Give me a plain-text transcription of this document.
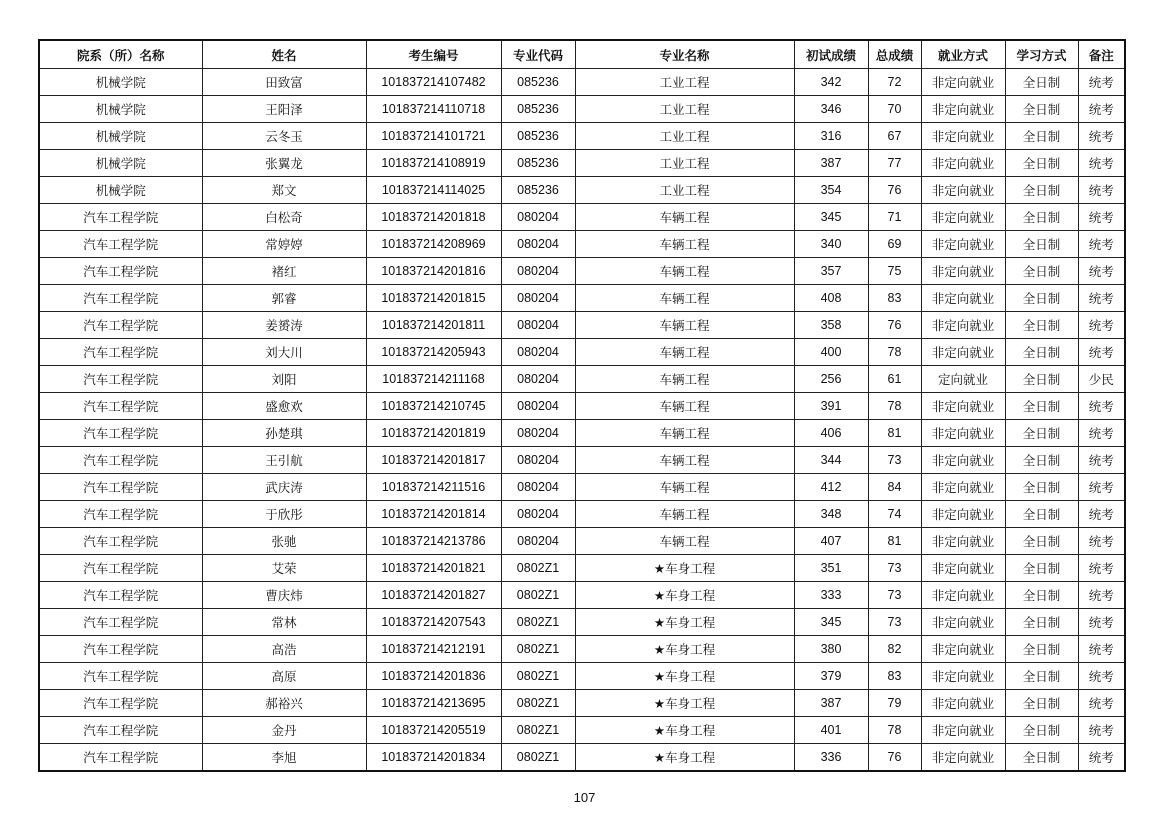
院系（所）名称	姓名	考生编号	专业代码	专业名称	初试成绩	总成绩	就业方式	学习方式	备注
机械学院	田致富	101837214107482	085236	工业工程	342	72	非定向就业	全日制	统考
机械学院	王阳泽	101837214110718	085236	工业工程	346	70	非定向就业	全日制	统考
机械学院	云冬玉	101837214101721	085236	工业工程	316	67	非定向就业	全日制	统考
机械学院	张翼龙	101837214108919	085236	工业工程	387	77	非定向就业	全日制	统考
机械学院	郑文	101837214114025	085236	工业工程	354	76	非定向就业	全日制	统考
汽车工程学院	白松奇	101837214201818	080204	车辆工程	345	71	非定向就业	全日制	统考
汽车工程学院	常婷婷	101837214208969	080204	车辆工程	340	69	非定向就业	全日制	统考
汽车工程学院	褚红	101837214201816	080204	车辆工程	357	75	非定向就业	全日制	统考
汽车工程学院	郭睿	101837214201815	080204	车辆工程	408	83	非定向就业	全日制	统考
汽车工程学院	姜赟涛	101837214201811	080204	车辆工程	358	76	非定向就业	全日制	统考
汽车工程学院	刘大川	101837214205943	080204	车辆工程	400	78	非定向就业	全日制	统考
汽车工程学院	刘阳	101837214211168	080204	车辆工程	256	61	定向就业	全日制	少民
汽车工程学院	盛愈欢	101837214210745	080204	车辆工程	391	78	非定向就业	全日制	统考
汽车工程学院	孙楚琪	101837214201819	080204	车辆工程	406	81	非定向就业	全日制	统考
汽车工程学院	王引航	101837214201817	080204	车辆工程	344	73	非定向就业	全日制	统考
汽车工程学院	武庆涛	101837214211516	080204	车辆工程	412	84	非定向就业	全日制	统考
汽车工程学院	于欣彤	101837214201814	080204	车辆工程	348	74	非定向就业	全日制	统考
汽车工程学院	张驰	101837214213786	080204	车辆工程	407	81	非定向就业	全日制	统考
汽车工程学院	艾荣	101837214201821	0802Z1	★车身工程	351	73	非定向就业	全日制	统考
汽车工程学院	曹庆炜	101837214201827	0802Z1	★车身工程	333	73	非定向就业	全日制	统考
汽车工程学院	常林	101837214207543	0802Z1	★车身工程	345	73	非定向就业	全日制	统考
汽车工程学院	高浩	101837214212191	0802Z1	★车身工程	380	82	非定向就业	全日制	统考
汽车工程学院	高原	101837214201836	0802Z1	★车身工程	379	83	非定向就业	全日制	统考
汽车工程学院	郝裕兴	101837214213695	0802Z1	★车身工程	387	79	非定向就业	全日制	统考
汽车工程学院	金丹	101837214205519	0802Z1	★车身工程	401	78	非定向就业	全日制	统考
汽车工程学院	李旭	101837214201834	0802Z1	★车身工程	336	76	非定向就业	全日制	统考
107
